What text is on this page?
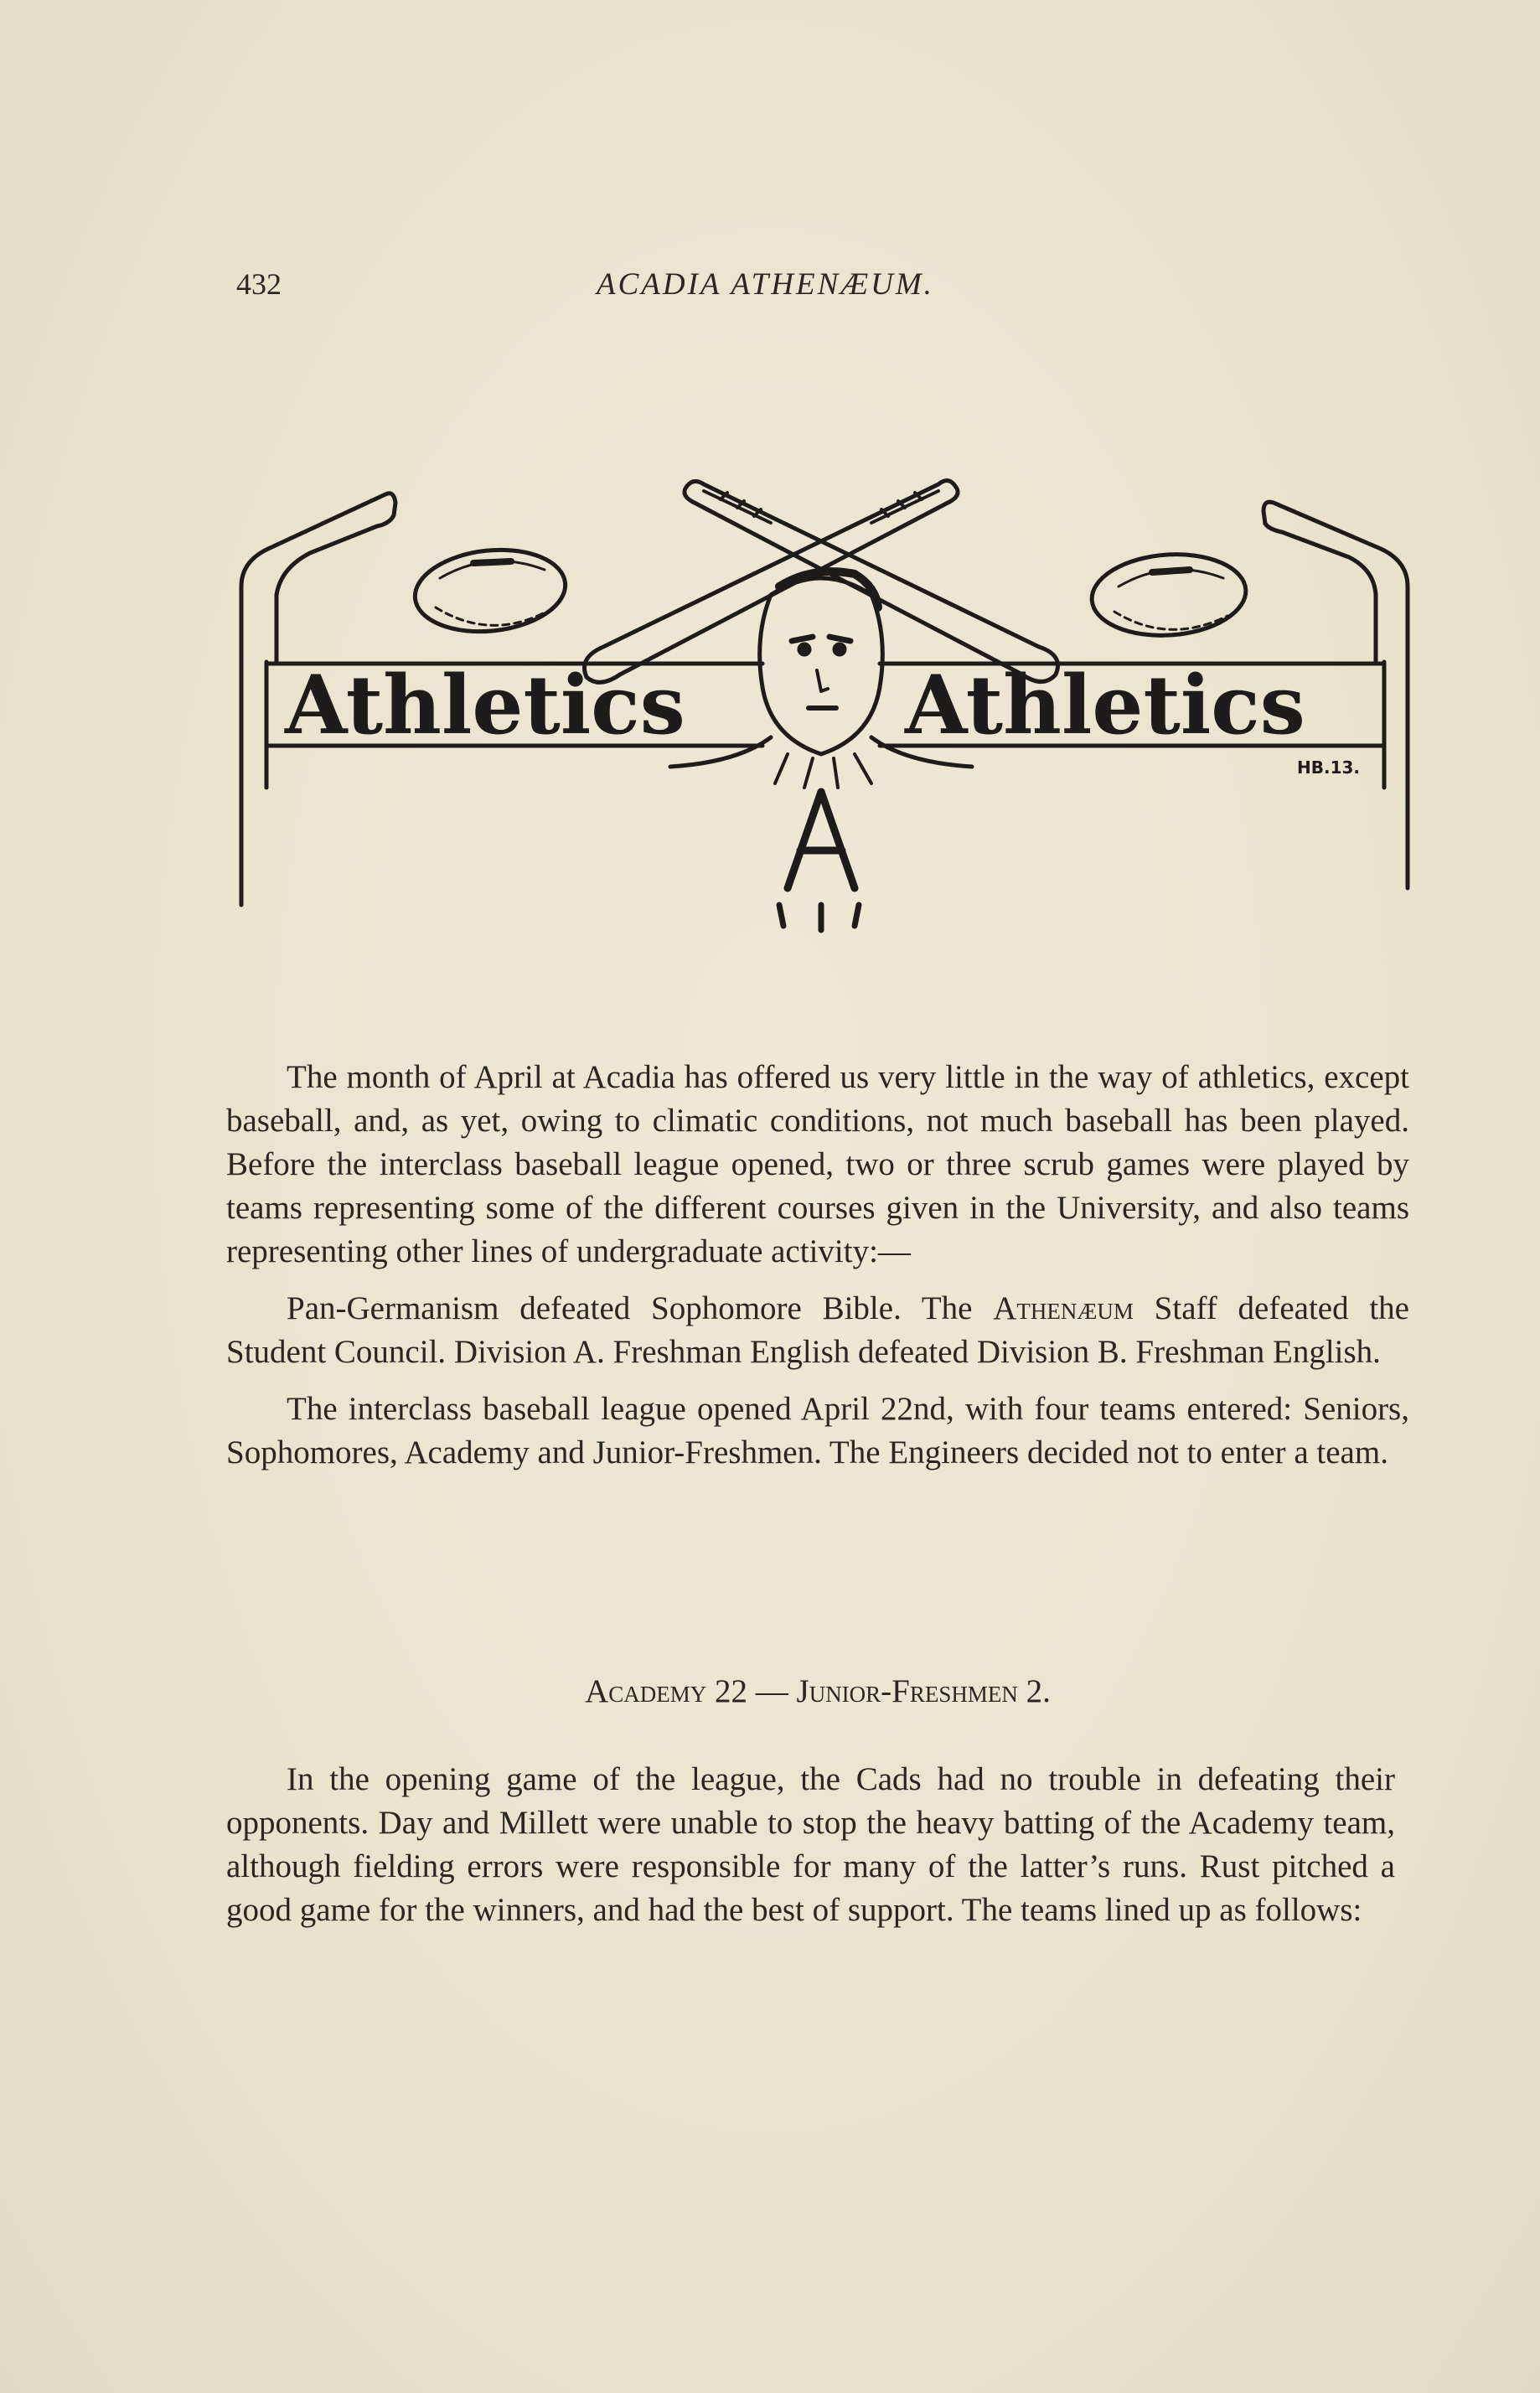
432	ACADIA ATHENÆUM.
Athletics	Athletics
HB.13.

The month of April at Acadia has offered us very little in the way of athletics, except baseball, and, as yet, owing to climatic conditions, not much baseball has been played. Before the interclass baseball league opened, two or three scrub games were played by teams representing some of the different courses given in the University, and also teams representing other lines of undergraduate activity:—

Pan-Germanism defeated Sophomore Bible. The Athenæum Staff defeated the Student Council. Division A. Freshman English defeated Division B. Freshman English.

The interclass baseball league opened April 22nd, with four teams entered: Seniors, Sophomores, Academy and Junior-Freshmen. The Engineers decided not to enter a team.

Academy 22 — Junior-Freshmen 2.

In the opening game of the league, the Cads had no trouble in defeating their opponents. Day and Millett were unable to stop the heavy batting of the Academy team, although fielding errors were responsible for many of the latter’s runs. Rust pitched a good game for the winners, and had the best of support. The teams lined up as follows:
